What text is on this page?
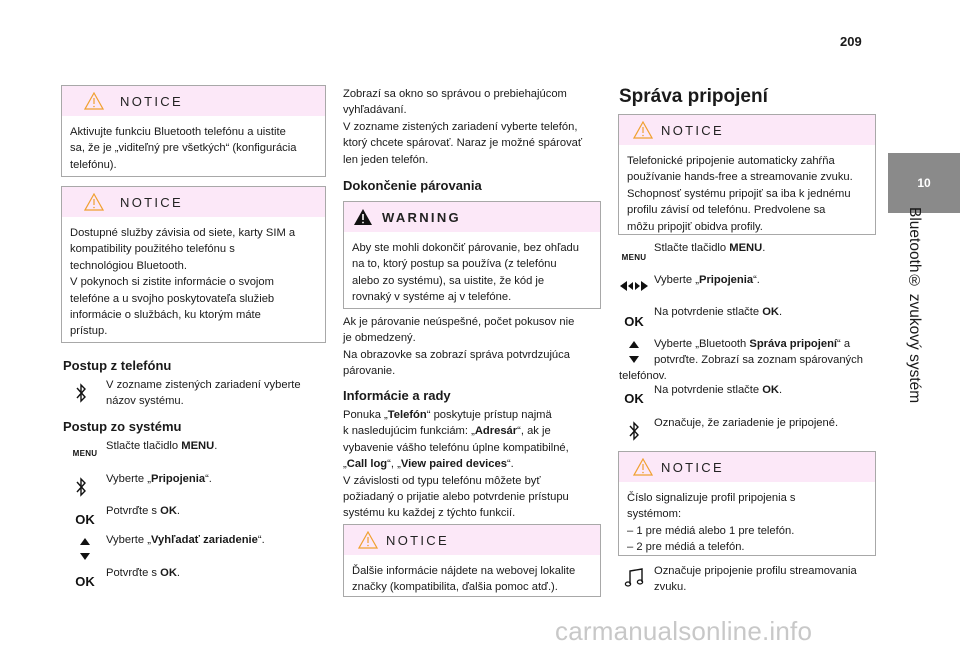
209
10
Bluetooth® zvukový systém
NOTICE
Aktivujte funkciu Bluetooth telefónu a uistite
sa, že je „viditeľný pre všetkých“ (konfigurácia
telefónu).
NOTICE
Dostupné služby závisia od siete, karty SIM a
kompatibility použitého telefónu s
technológiou Bluetooth.
V pokynoch si zistite informácie o svojom
telefóne a u svojho poskytovateľa služieb
informácie o službách, ku ktorým máte
prístup.
Postup z telefónu
V zozname zistených zariadení vyberte
názov systému.
Postup zo systému
MENU
Stlačte tlačidlo MENU.
Vyberte „Pripojenia“.
OK
Potvrďte s OK.
Vyberte „Vyhľadať zariadenie“.
OK
Potvrďte s OK.
Zobrazí sa okno so správou o prebiehajúcom
vyhľadávaní.
V zozname zistených zariadení vyberte telefón,
ktorý chcete spárovať. Naraz je možné spárovať
len jeden telefón.
Dokončenie párovania
WARNING
Aby ste mohli dokončiť párovanie, bez ohľadu
na to, ktorý postup sa používa (z telefónu
alebo zo systému), sa uistite, že kód je
rovnaký v systéme aj v telefóne.
Ak je párovanie neúspešné, počet pokusov nie
je obmedzený.
Na obrazovke sa zobrazí správa potvrdzujúca
párovanie.
Informácie a rady
Ponuka „Telefón“ poskytuje prístup najmä
k nasledujúcim funkciám: „Adresár“, ak je
vybavenie vášho telefónu úplne kompatibilné,
„Call log“, „View paired devices“.
V závislosti od typu telefónu môžete byť
požiadaný o prijatie alebo potvrdenie prístupu
systému ku každej z týchto funkcií.
NOTICE
Ďalšie informácie nájdete na webovej lokalite
značky (kompatibilita, ďalšia pomoc atď.).
Správa pripojení
NOTICE
Telefonické pripojenie automaticky zahŕňa
používanie hands-free a streamovanie zvuku.
Schopnosť systému pripojiť sa iba k jednému
profilu závisí od telefónu. Predvolene sa
môžu pripojiť obidva profily.
MENU
Stlačte tlačidlo MENU.
Vyberte „Pripojenia“.
OK
Na potvrdenie stlačte OK.
Vyberte „Bluetooth Správa pripojení“ a
potvrďte. Zobrazí sa zoznam spárovaných
telefónov.
OK
Na potvrdenie stlačte OK.
Označuje, že zariadenie je pripojené.
NOTICE
Číslo signalizuje profil pripojenia s
systémom:
– 1 pre médiá alebo 1 pre telefón.
– 2 pre médiá a telefón.
Označuje pripojenie profilu streamovania
zvuku.
carmanualsonline.info
